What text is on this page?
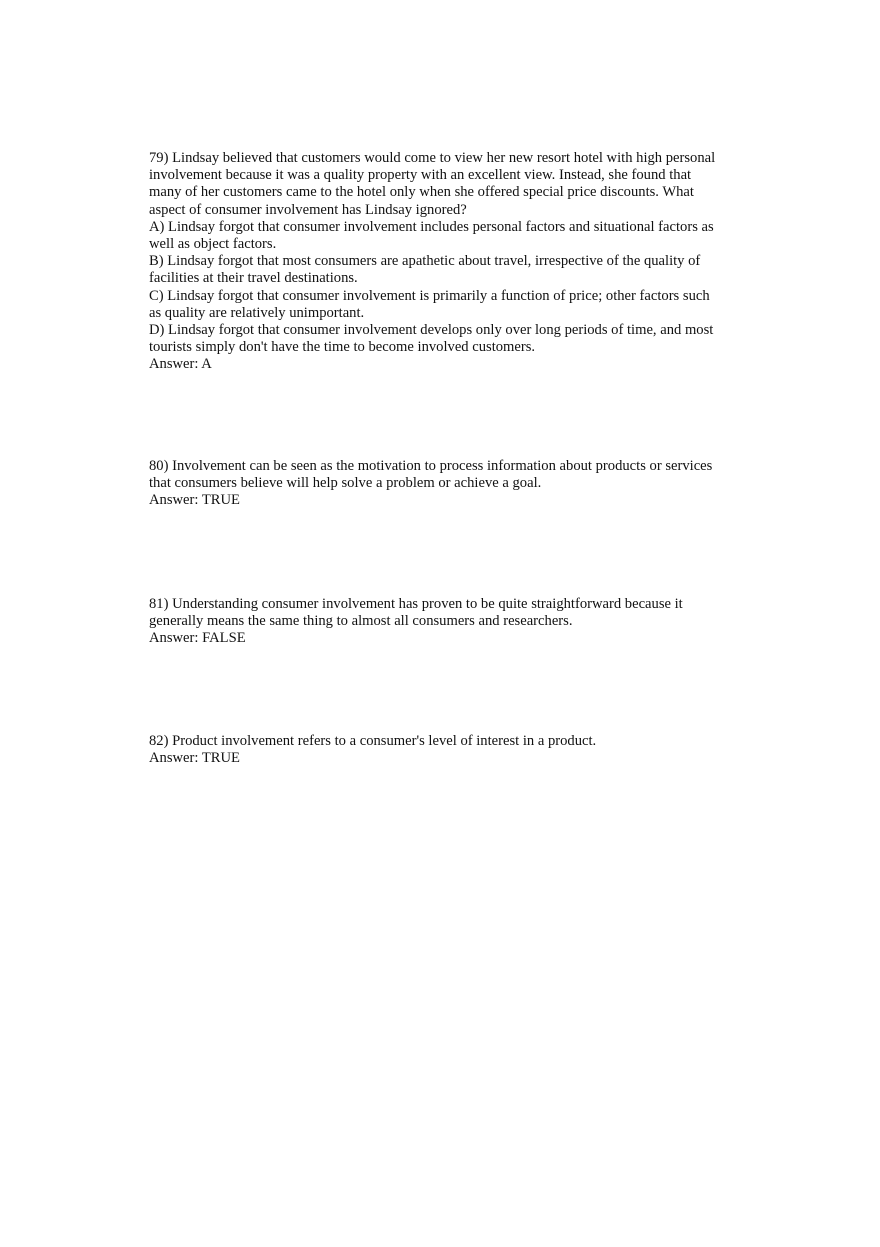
79) Lindsay believed that customers would come to view her new resort hotel with high personal
involvement because it was a quality property with an excellent view. Instead, she found that
many of her customers came to the hotel only when she offered special price discounts. What
aspect of consumer involvement has Lindsay ignored?
A) Lindsay forgot that consumer involvement includes personal factors and situational factors as
well as object factors.
B) Lindsay forgot that most consumers are apathetic about travel, irrespective of the quality of
facilities at their travel destinations.
C) Lindsay forgot that consumer involvement is primarily a function of price; other factors such
as quality are relatively unimportant.
D) Lindsay forgot that consumer involvement develops only over long periods of time, and most
tourists simply don't have the time to become involved customers.
Answer: A
80) Involvement can be seen as the motivation to process information about products or services
that consumers believe will help solve a problem or achieve a goal.
Answer: TRUE
81) Understanding consumer involvement has proven to be quite straightforward because it
generally means the same thing to almost all consumers and researchers.
Answer: FALSE
82) Product involvement refers to a consumer's level of interest in a product.
Answer: TRUE
